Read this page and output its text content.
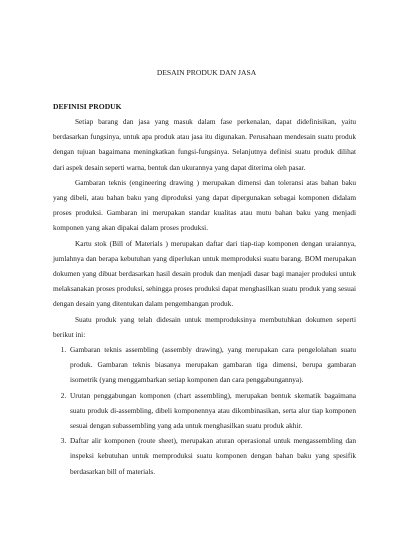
DESAIN PRODUK DAN JASA
DEFINISI PRODUK

Setiap barang dan jasa yang masuk dalam fase perkenalan, dapat didefinisikan, yaitu berdasarkan fungsinya, untuk apa produk atau jasa itu digunakan. Perusahaan mendesain suatu produk dengan tujuan bagaimana meningkatkan fungsi-fungsinya. Selanjutnya definisi suatu produk dilihat dari aspek desain seperti warna, bentuk dan ukurannya yang dapat diterima oleh pasar.

Gambaran teknis (engineering drawing ) merupakan dimensi dan toleransi atas bahan baku yang dibeli, atau bahan baku yang diproduksi yang dapat dipergunakan sebagai komponen didalam proses produksi. Gambaran ini merupakan standar kualitas atau mutu bahan baku yang menjadi komponen yang akan dipakai dalam proses produksi.

Kartu stok (Bill of Materials ) merupakan daftar dari tiap-tiap komponen dengan uraiannya, jumlahnya dan berapa kebutuhan yang diperlukan untuk memproduksi suatu barang. BOM merupakan dokumen yang dibuat berdasarkan hasil desain produk dan menjadi dasar bagi manajer produksi untuk melaksanakan proses produksi, sehingga proses produksi dapat menghasilkan suatu produk yang sesuai dengan desain yang ditentukan dalam pengembangan produk.

Suatu produk yang telah didesain untuk memproduksinya membutuhkan dokumen seperti berikut ini:

1. Gambaran teknis assembling (assembly drawing), yang merupakan cara pengelolahan suatu produk. Gambaran teknis biasanya merupakan gambaran tiga dimensi, berupa gambaran isometrik (yang menggambarkan setiap komponen dan cara penggabungannya).
2. Urutan penggabungan komponen (chart assembling), merupakan bentuk skematik bagaimana suatu produk di-assembling, dibeli komponennya atau dikombinasikan, serta alur tiap komponen sesuai dengan subassembling yang ada untuk menghasilkan suatu produk akhir.
3. Daftar alir komponen (route sheet), merupakan aturan operasional untuk mengassembling dan inspeksi kebutuhan untuk memproduksi suatu komponen dengan bahan baku yang spesifik berdasarkan bill of materials.
